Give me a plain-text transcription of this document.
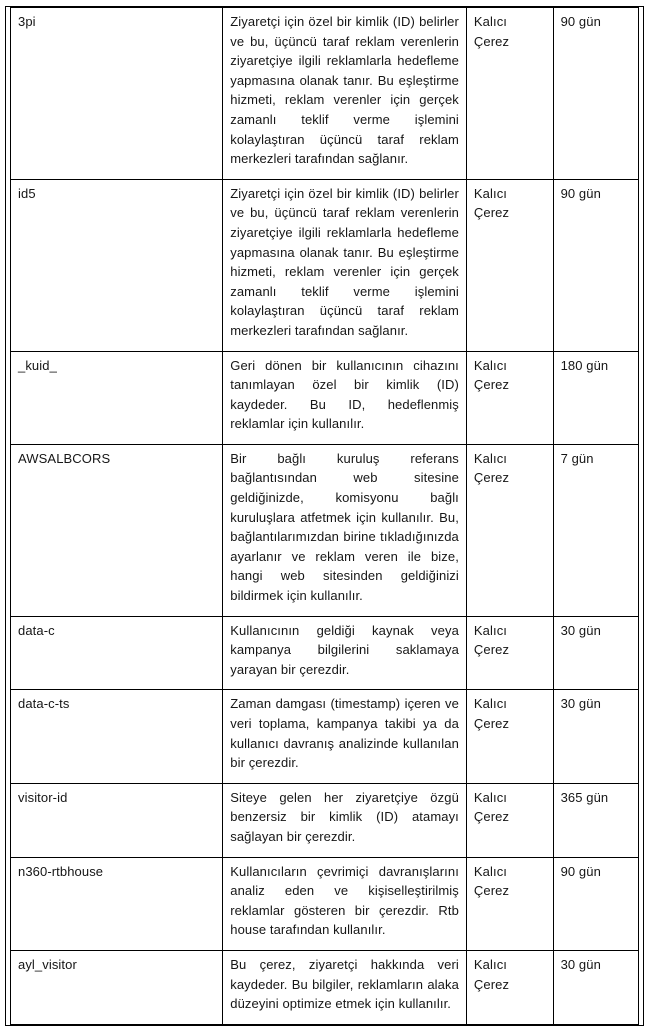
3pi	Ziyaretçi için özel bir kimlik (ID) belirler ve bu, üçüncü taraf reklam verenlerin ziyaretçiye ilgili reklamlarla hedefleme yapmasına olanak tanır. Bu eşleştirme hizmeti, reklam verenler için gerçek zamanlı teklif verme işlemini kolaylaştıran üçüncü taraf reklam merkezleri tarafından sağlanır.	Kalıcı Çerez	90 gün

id5	Ziyaretçi için özel bir kimlik (ID) belirler ve bu, üçüncü taraf reklam verenlerin ziyaretçiye ilgili reklamlarla hedefleme yapmasına olanak tanır. Bu eşleştirme hizmeti, reklam verenler için gerçek zamanlı teklif verme işlemini kolaylaştıran üçüncü taraf reklam merkezleri tarafından sağlanır.	Kalıcı Çerez	90 gün

_kuid_	Geri dönen bir kullanıcının cihazını tanımlayan özel bir kimlik (ID) kaydeder. Bu ID, hedeflenmiş reklamlar için kullanılır.	Kalıcı Çerez	180 gün

AWSALBCORS	Bir bağlı kuruluş referans bağlantısından web sitesine geldiğinizde, komisyonu bağlı kuruluşlara atfetmek için kullanılır. Bu, bağlantılarımızdan birine tıkladığınızda ayarlanır ve reklam veren ile bize, hangi web sitesinden geldiğinizi bildirmek için kullanılır.	Kalıcı Çerez	7 gün

data-c	Kullanıcının geldiği kaynak veya kampanya bilgilerini saklamaya yarayan bir çerezdir.	Kalıcı Çerez	30 gün

data-c-ts	Zaman damgası (timestamp) içeren ve veri toplama, kampanya takibi ya da kullanıcı davranış analizinde kullanılan bir çerezdir.	Kalıcı Çerez	30 gün

visitor-id	Siteye gelen her ziyaretçiye özgü benzersiz bir kimlik (ID) atamayı sağlayan bir çerezdir.	Kalıcı Çerez	365 gün

n360-rtbhouse	Kullanıcıların çevrimiçi davranışlarını analiz eden ve kişiselleştirilmiş reklamlar gösteren bir çerezdir. Rtb house tarafından kullanılır.	Kalıcı Çerez	90 gün

ayl_visitor	Bu çerez, ziyaretçi hakkında veri kaydeder. Bu bilgiler, reklamların alaka düzeyini optimize etmek için kullanılır.	Kalıcı Çerez	30 gün
